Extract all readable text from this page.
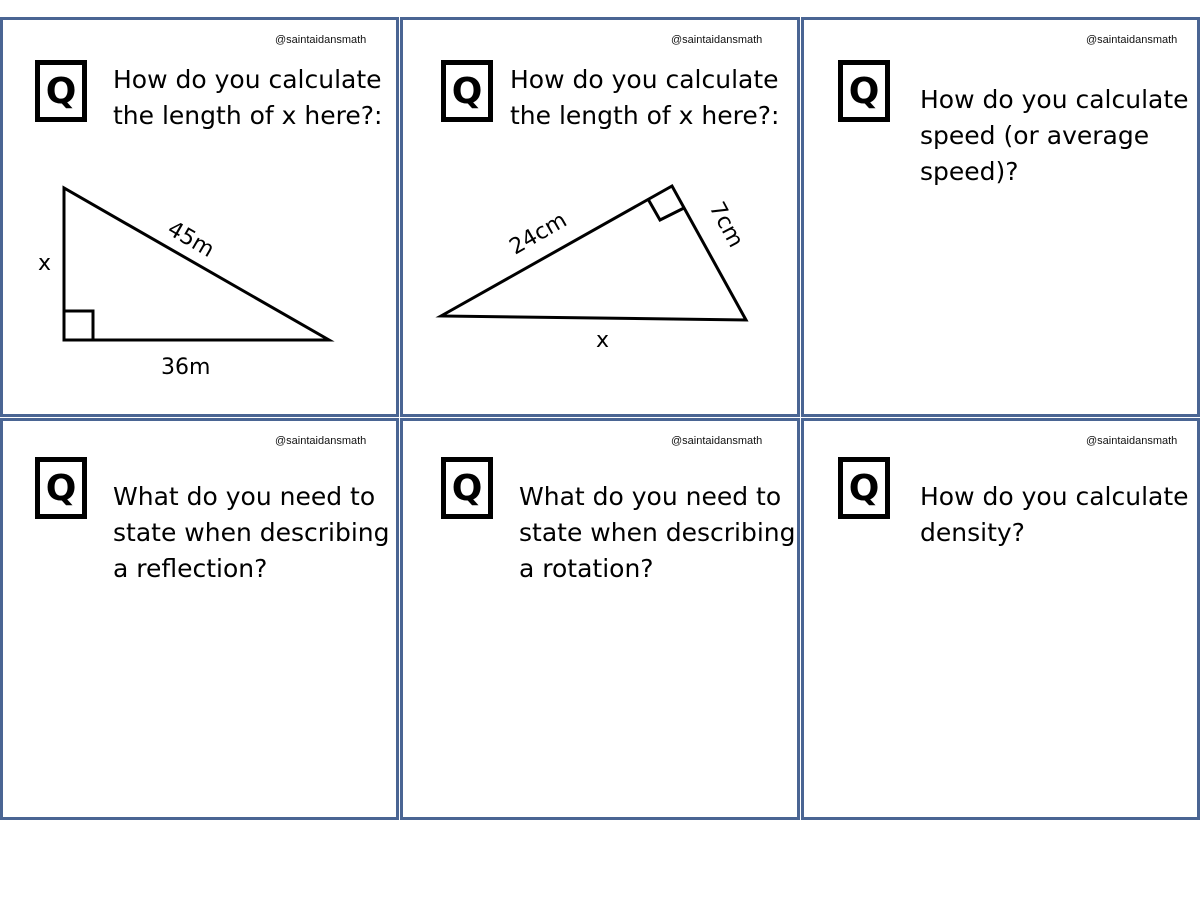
@saintaidansmath
Q	How do you calculate
the length of x here?:
45m
36m
x
@saintaidansmath
Q	How do you calculate
the length of x here?:
24cm	7cm
x
@saintaidansmath
Q	How do you calculate
speed (or average
speed)?
@saintaidansmath
Q	What do you need to
state when describing
a reflection?
@saintaidansmath
Q	What do you need to
state when describing
a rotation?
@saintaidansmath
Q	How do you calculate
density?
